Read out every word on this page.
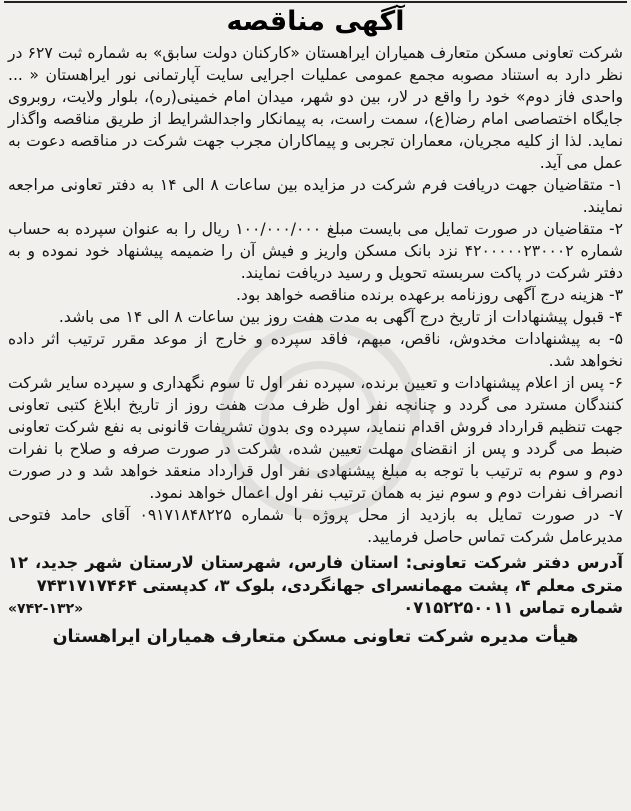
آگهی مناقصه

شرکت تعاونی مسکن متعارف همیاران ایراهستان «کارکنان دولت سابق» به شماره ثبت ۶۲۷ در نظر دارد به استناد مصوبه مجمع عمومی عملیات اجرایی سایت آپارتمانی نور ایراهستان « ... واحدی فاز دوم» خود را واقع در لار، بین دو شهر، میدان امام خمینی(ره)، بلوار ولایت، روبروی جایگاه اختصاصی امام رضا(ع)، سمت راست، به پیمانکار واجدالشرایط از طریق مناقصه واگذار نماید. لذا از کلیه مجریان، معماران تجربی و پیماکاران مجرب جهت شرکت در مناقصه دعوت به عمل می آید.

۱- متقاضیان جهت دریافت فرم شرکت در مزایده بین ساعات ۸ الی ۱۴ به دفتر تعاونی مراجعه نمایند.

۲- متقاضیان در صورت تمایل می بایست مبلغ ۱۰۰/۰۰۰/۰۰۰ ریال را به عنوان سپرده به حساب شماره ۴۲۰۰۰۰۰۲۳۰۰۰۲ نزد بانک مسکن واریز و فیش آن را ضمیمه پیشنهاد خود نموده و به دفتر شرکت در پاکت سربسته تحویل و رسید دریافت نمایند.

۳- هزینه درج آگهی روزنامه برعهده برنده مناقصه خواهد بود.

۴- قبول پیشنهادات از تاریخ درج آگهی به مدت هفت روز بین ساعات ۸ الی ۱۴ می باشد.

۵- به پیشنهادات مخدوش، ناقص، مبهم، فاقد سپرده و خارج از موعد مقرر ترتیب اثر داده نخواهد شد.

۶- پس از اعلام پیشنهادات و تعیین برنده، سپرده نفر اول تا سوم نگهداری و سپرده سایر شرکت کنندگان مسترد می گردد و چنانچه نفر اول ظرف مدت هفت روز از تاریخ ابلاغ کتبی تعاونی جهت تنظیم قرارداد فروش اقدام ننماید، سپرده وی بدون تشریفات قانونی به نفع شرکت تعاونی ضبط می گردد و پس از انقضای مهلت تعیین شده، شرکت در صورت صرفه و صلاح با نفرات دوم و سوم به ترتیب با توجه به مبلغ پیشنهادی نفر اول قرارداد منعقد خواهد شد و در صورت انصراف نفرات دوم و سوم نیز به همان ترتیب نفر اول اعمال خواهد نمود.

۷- در صورت تمایل به بازدید از محل پروژه با شماره ۰۹۱۷۱۸۴۸۲۲۵ آقای حامد فتوحی مدیرعامل شرکت تماس حاصل فرمایید.

آدرس دفتر شرکت تعاونی: استان فارس، شهرستان لارستان شهر جدید، ۱۲ متری معلم ۴، پشت مهمانسرای جهانگردی، بلوک ۳، کدپستی ۷۴۳۱۷۱۷۴۶۴
شماره تماس ۰۷۱۵۲۲۵۰۰۱۱
«۷۴۲-۱۳۲»

هیأت مدیره شرکت تعاونی مسکن متعارف همیاران ایراهستان
